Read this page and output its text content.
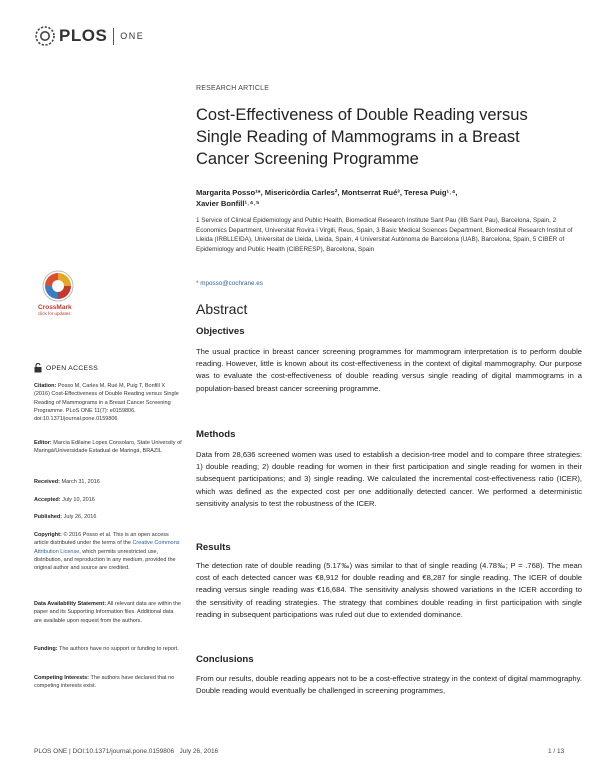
PLOS ONE
RESEARCH ARTICLE
Cost-Effectiveness of Double Reading versus Single Reading of Mammograms in a Breast Cancer Screening Programme
Margarita Posso¹*, Misericòrdia Carles², Montserrat Rué³, Teresa Puig¹˒⁴,
Xavier Bonfill¹˒⁴˒⁵
1 Service of Clinical Epidemiology and Public Health, Biomedical Research Institute Sant Pau (IIB Sant Pau), Barcelona, Spain, 2 Economics Department, Universitat Rovira i Virgili, Reus, Spain, 3 Basic Medical Sciences Department, Biomedical Research Institut of Lleida (IRBLLEIDA), Universitat de Lleida, Lleida, Spain, 4 Universitat Autònoma de Barcelona (UAB), Barcelona, Spain, 5 CIBER of Epidemiology and Public Health (CIBERESP), Barcelona, Spain
* mposso@cochrane.es
Abstract
Objectives
The usual practice in breast cancer screening programmes for mammogram interpretation is to perform double reading. However, little is known about its cost-effectiveness in the context of digital mammography. Our purpose was to evaluate the cost-effectiveness of double reading versus single reading of digital mammograms in a population-based breast cancer screening programme.
Methods
Data from 28,636 screened women was used to establish a decision-tree model and to compare three strategies: 1) double reading; 2) double reading for women in their first participation and single reading for women in their subsequent participations; and 3) single reading. We calculated the incremental cost-effectiveness ratio (ICER), which was defined as the expected cost per one additionally detected cancer. We performed a deterministic sensitivity analysis to test the robustness of the ICER.
Results
The detection rate of double reading (5.17‰) was similar to that of single reading (4.78‰; P = .768). The mean cost of each detected cancer was €8,912 for double reading and €8,287 for single reading. The ICER of double reading versus single reading was €16,684. The sensitivity analysis showed variations in the ICER according to the sensitivity of reading strategies. The strategy that combines double reading in first participation with single reading in subsequent participations was ruled out due to extended dominance.
Conclusions
From our results, double reading appears not to be a cost-effective strategy in the context of digital mammography. Double reading would eventually be challenged in screening programmes,
CrossMark
click for updates
OPEN ACCESS
Citation: Posso M, Carles M, Rué M, Puig T, Bonfill X (2016) Cost-Effectiveness of Double Reading versus Single Reading of Mammograms in a Breast Cancer Screening Programme. PLoS ONE 11(7): e0159806. doi:10.1371/journal.pone.0159806
Editor: Marcia Edilaine Lopes Consolaro, State University of Maringá/Universidade Estadual de Maringá, BRAZIL
Received: March 31, 2016
Accepted: July 10, 2016
Published: July 26, 2016
Copyright: © 2016 Posso et al. This is an open access article distributed under the terms of the Creative Commons Attribution License, which permits unrestricted use, distribution, and reproduction in any medium, provided the original author and source are credited.
Data Availability Statement: All relevant data are within the paper and its Supporting Information files. Additional data are available upon request from the authors.
Funding: The authors have no support or funding to report.
Competing Interests: The authors have declared that no competing interests exist.
PLOS ONE | DOI:10.1371/journal.pone.0159806   July 26, 2016	1 / 13
